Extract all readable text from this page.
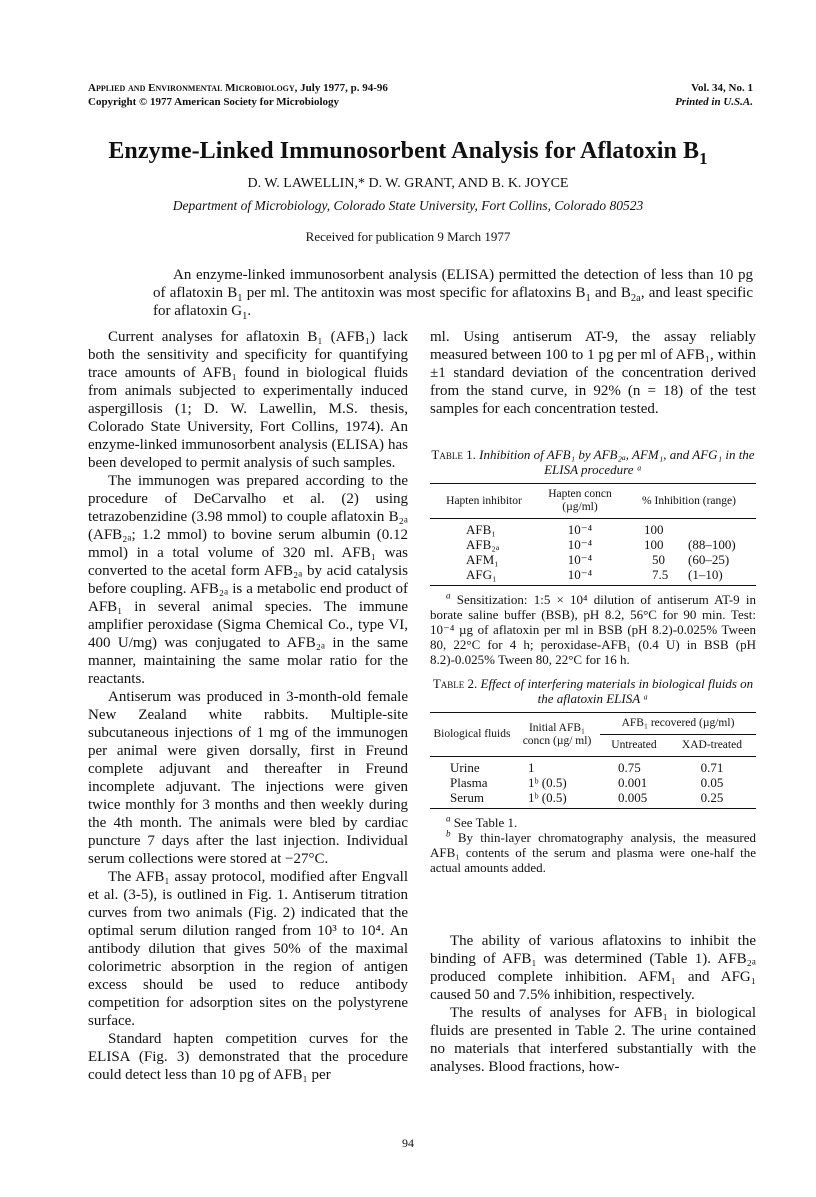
Applied and Environmental Microbiology, July 1977, p. 94-96
Copyright © 1977 American Society for Microbiology
Vol. 34, No. 1
Printed in U.S.A.
Enzyme-Linked Immunosorbent Analysis for Aflatoxin $B_1$
D. W. LAWELLIN,* D. W. GRANT, AND B. K. JOYCE
Department of Microbiology, Colorado State University, Fort Collins, Colorado 80523
Received for publication 9 March 1977
An enzyme-linked immunosorbent analysis (ELISA) permitted the detection of less than 10 pg of aflatoxin $B_1$ per ml. The antitoxin was most specific for aflatoxins $B_1$ and $B_{2a}$, and least specific for aflatoxin $G_1$.

Current analyses for aflatoxin B₁ (AFB₁) lack both the sensitivity and specificity for quantifying trace amounts of AFB₁ found in biological fluids from animals subjected to experimentally induced aspergillosis (1; D. W. Lawellin, M.S. thesis, Colorado State University, Fort Collins, 1974). An enzyme-linked immunosorbent analysis (ELISA) has been developed to permit analysis of such samples.

The immunogen was prepared according to the procedure of DeCarvalho et al. (2) using tetrazobenzidine (3.98 mmol) to couple aflatoxin B₂ₐ (AFB₂ₐ; 1.2 mmol) to bovine serum albumin (0.12 mmol) in a total volume of 320 ml. AFB₁ was converted to the acetal form AFB₂ₐ by acid catalysis before coupling. AFB₂ₐ is a metabolic end product of AFB₁ in several animal species. The immune amplifier peroxidase (Sigma Chemical Co., type VI, 400 U/mg) was conjugated to AFB₂ₐ in the same manner, maintaining the same molar ratio for the reactants.

Antiserum was produced in 3-month-old female New Zealand white rabbits. Multiple-site subcutaneous injections of 1 mg of the immunogen per animal were given dorsally, first in Freund complete adjuvant and thereafter in Freund incomplete adjuvant. The injections were given twice monthly for 3 months and then weekly during the 4th month. The animals were bled by cardiac puncture 7 days after the last injection. Individual serum collections were stored at −27°C.

The AFB₁ assay protocol, modified after Engvall et al. (3-5), is outlined in Fig. 1. Antiserum titration curves from two animals (Fig. 2) indicated that the optimal serum dilution ranged from 10³ to 10⁴. An antibody dilution that gives 50% of the maximal colorimetric absorption in the region of antigen excess should be used to reduce antibody competition for adsorption sites on the polystyrene surface.

Standard hapten competition curves for the ELISA (Fig. 3) demonstrated that the procedure could detect less than 10 pg of AFB₁ per

ml. Using antiserum AT-9, the assay reliably measured between 100 to 1 pg per ml of AFB₁, within ±1 standard deviation of the concentration derived from the stand curve, in 92% (n = 18) of the test samples for each concentration tested.

Table 1. Inhibition of AFB₁ by AFB₂ₐ, AFM₁, and AFG₁ in the ELISA procedure ᵃ

Hapten inhibitor	Hapten concn (µg/ml)	% Inhibition (range)	
AFB₁	10⁻⁴	100	
AFB₂ₐ	10⁻⁴	100	(88–100)
AFM₁	10⁻⁴	50	(60–25)
AFG₁	10⁻⁴	7.5	(1–10)

$^a$ Sensitization: 1:5 × 10⁴ dilution of antiserum AT-9 in borate saline buffer (BSB), pH 8.2, 56°C for 90 min. Test: 10⁻⁴ µg of aflatoxin per ml in BSB (pH 8.2)-0.025% Tween 80, 22°C for 4 h; peroxidase-AFB₁ (0.4 U) in BSB (pH 8.2)-0.025% Tween 80, 22°C for 16 h.

Table 2. Effect of interfering materials in biological fluids on the aflatoxin ELISA ᵃ

Biological fluids	Initial AFB₁ concn (µg/ ml)	AFB₁ recovered (µg/ml)	
		Untreated	XAD-treated
Urine	1	0.75	0.71
Plasma	1ᵇ (0.5)	0.001	0.05
Serum	1ᵇ (0.5)	0.005	0.25

$^a$ See Table 1.

$^b$ By thin-layer chromatography analysis, the measured AFB₁ contents of the serum and plasma were one-half the actual amounts added.

The ability of various aflatoxins to inhibit the binding of AFB₁ was determined (Table 1). AFB₂ₐ produced complete inhibition. AFM₁ and AFG₁ caused 50 and 7.5% inhibition, respectively.

The results of analyses for AFB₁ in biological fluids are presented in Table 2. The urine contained no materials that interfered substantially with the analyses. Blood fractions, how-

94
